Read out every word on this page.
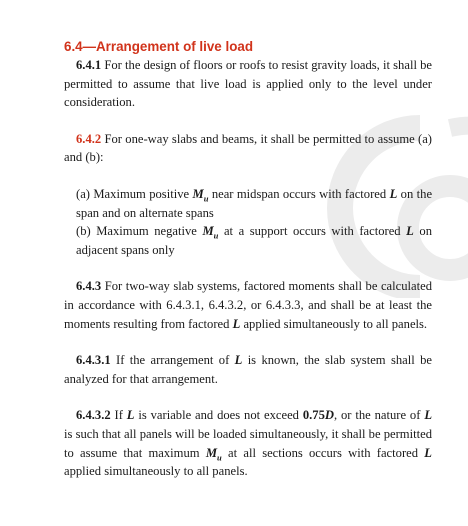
6.4—Arrangement of live load

6.4.1 For the design of floors or roofs to resist gravity loads, it shall be permitted to assume that live load is applied only to the level under consideration.

6.4.2 For one-way slabs and beams, it shall be permitted to assume (a) and (b):

(a) Maximum positive $M_u$ near midspan occurs with factored L on the span and on alternate spans

(b) Maximum negative $M_u$ at a support occurs with factored L on adjacent spans only

6.4.3 For two-way slab systems, factored moments shall be calculated in accordance with 6.4.3.1, 6.4.3.2, or 6.4.3.3, and shall be at least the moments resulting from factored L applied simultaneously to all panels.

6.4.3.1 If the arrangement of L is known, the slab system shall be analyzed for that arrangement.

6.4.3.2 If L is variable and does not exceed 0.75D, or the nature of L is such that all panels will be loaded simultaneously, it shall be permitted to assume that maximum $M_u$ at all sections occurs with factored L applied simultaneously to all panels.
